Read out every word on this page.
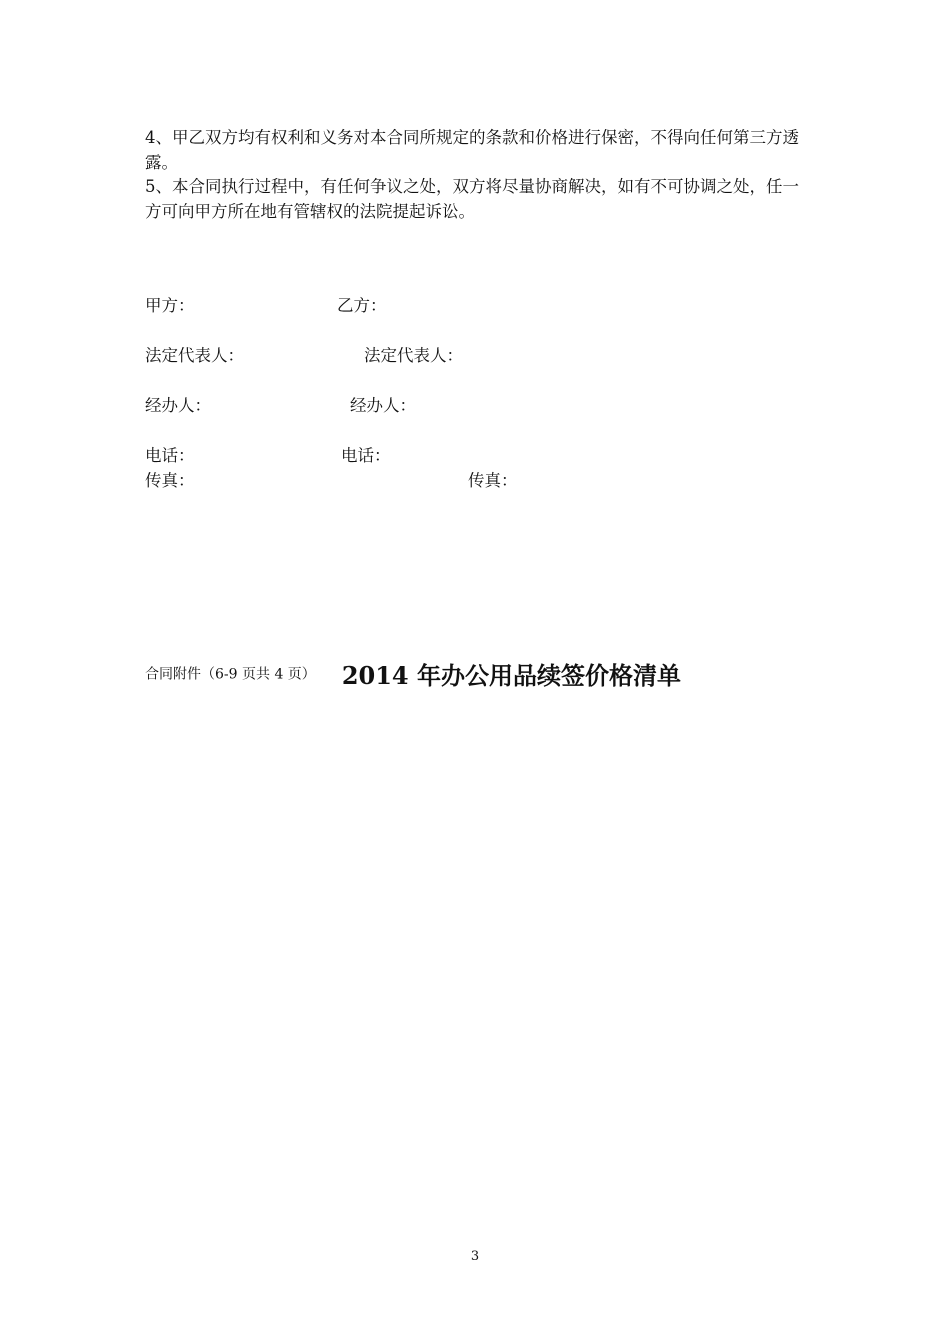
4、甲乙双方均有权利和义务对本合同所规定的条款和价格进行保密，不得向任何第三方透露。

5、本合同执行过程中，有任何争议之处，双方将尽量协商解决，如有不可协调之处，任一方可向甲方所在地有管辖权的法院提起诉讼。

甲方：	乙方：
法定代表人：	法定代表人：
经办人：	经办人：
电话：	电话：
传真：	传真：
合同附件（6-9 页共 4 页） 2014 年办公用品续签价格清单
3
